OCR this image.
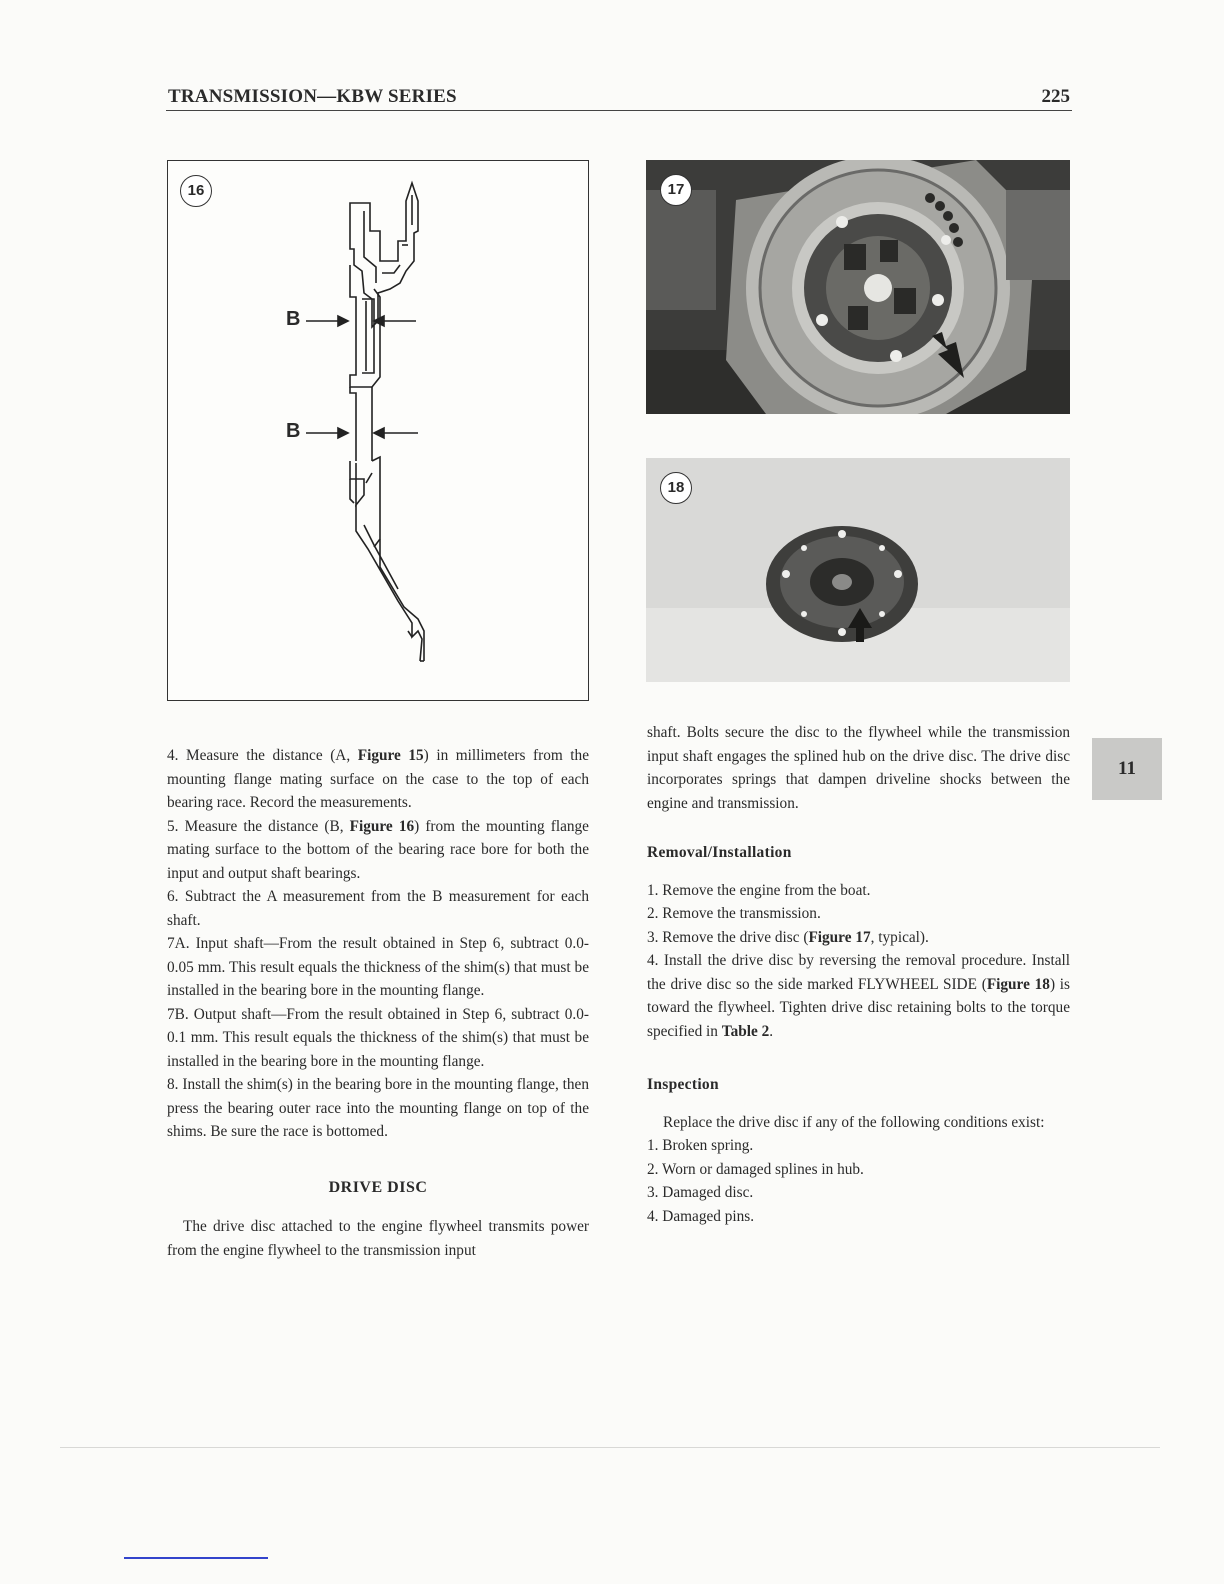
TRANSMISSION—KBW SERIES	225
16
B
B
17
18

4. Measure the distance (A, Figure 15) in millimeters from the mounting flange mating surface on the case to the top of each bearing race. Record the measurements.

5. Measure the distance (B, Figure 16) from the mounting flange mating surface to the bottom of the bearing race bore for both the input and output shaft bearings.

6. Subtract the A measurement from the B measurement for each shaft.

7A. Input shaft—From the result obtained in Step 6, subtract 0.0-0.05 mm. This result equals the thickness of the shim(s) that must be installed in the bearing bore in the mounting flange.

7B. Output shaft—From the result obtained in Step 6, subtract 0.0-0.1 mm. This result equals the thickness of the shim(s) that must be installed in the bearing bore in the mounting flange.

8. Install the shim(s) in the bearing bore in the mounting flange, then press the bearing outer race into the mounting flange on top of the shims. Be sure the race is bottomed.

DRIVE DISC

The drive disc attached to the engine flywheel transmits power from the engine flywheel to the transmission input

shaft. Bolts secure the disc to the flywheel while the transmission input shaft engages the splined hub on the drive disc. The drive disc incorporates springs that dampen driveline shocks between the engine and transmission.

Removal/Installation

1. Remove the engine from the boat.

2. Remove the transmission.

3. Remove the drive disc (Figure 17, typical).

4. Install the drive disc by reversing the removal procedure. Install the drive disc so the side marked FLYWHEEL SIDE (Figure 18) is toward the flywheel. Tighten drive disc retaining bolts to the torque specified in Table 2.

Inspection

Replace the drive disc if any of the following conditions exist:

1. Broken spring.

2. Worn or damaged splines in hub.

3. Damaged disc.

4. Damaged pins.

11
